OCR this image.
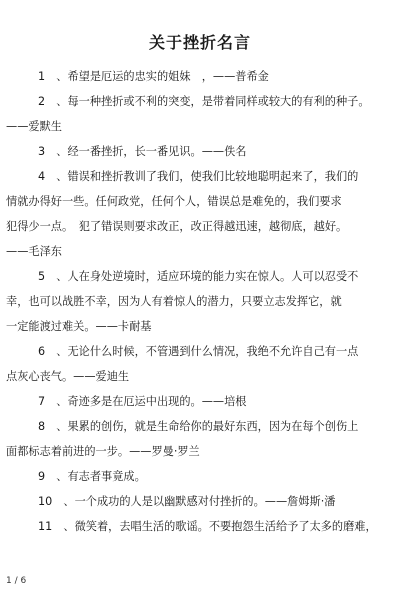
关于挫折名言
1　、希望是厄运的忠实的姐妹　，——普希金
2　、每一种挫折或不利的突变，是带着同样或较大的有利的种子。
——爱默生
3　、经一番挫折，长一番见识。——佚名
4　、错误和挫折教训了我们，使我们比较地聪明起来了，我们的
情就办得好一些。任何政党，任何个人，错误总是难免的，我们要求
犯得少一点。　犯了错误则要求改正，改正得越迅速，越彻底，越好。
——毛泽东
5　、人在身处逆境时，适应环境的能力实在惊人。人可以忍受不
幸，也可以战胜不幸，因为人有着惊人的潜力，只要立志发挥它，就
一定能渡过难关。——卡耐基
6　、无论什么时候，不管遇到什么情况，我绝不允许自己有一点
点灰心丧气。——爱迪生
7　、奇迹多是在厄运中出现的。——培根
8　、果累的创伤，就是生命给你的最好东西，因为在每个创伤上
面都标志着前进的一步。——罗曼·罗兰
9　、有志者事竟成。
10　、一个成功的人是以幽默感对付挫折的。——詹姆斯·潘
11　、微笑着，去唱生活的歌谣。不要抱怨生活给予了太多的磨难，
1 / 6
